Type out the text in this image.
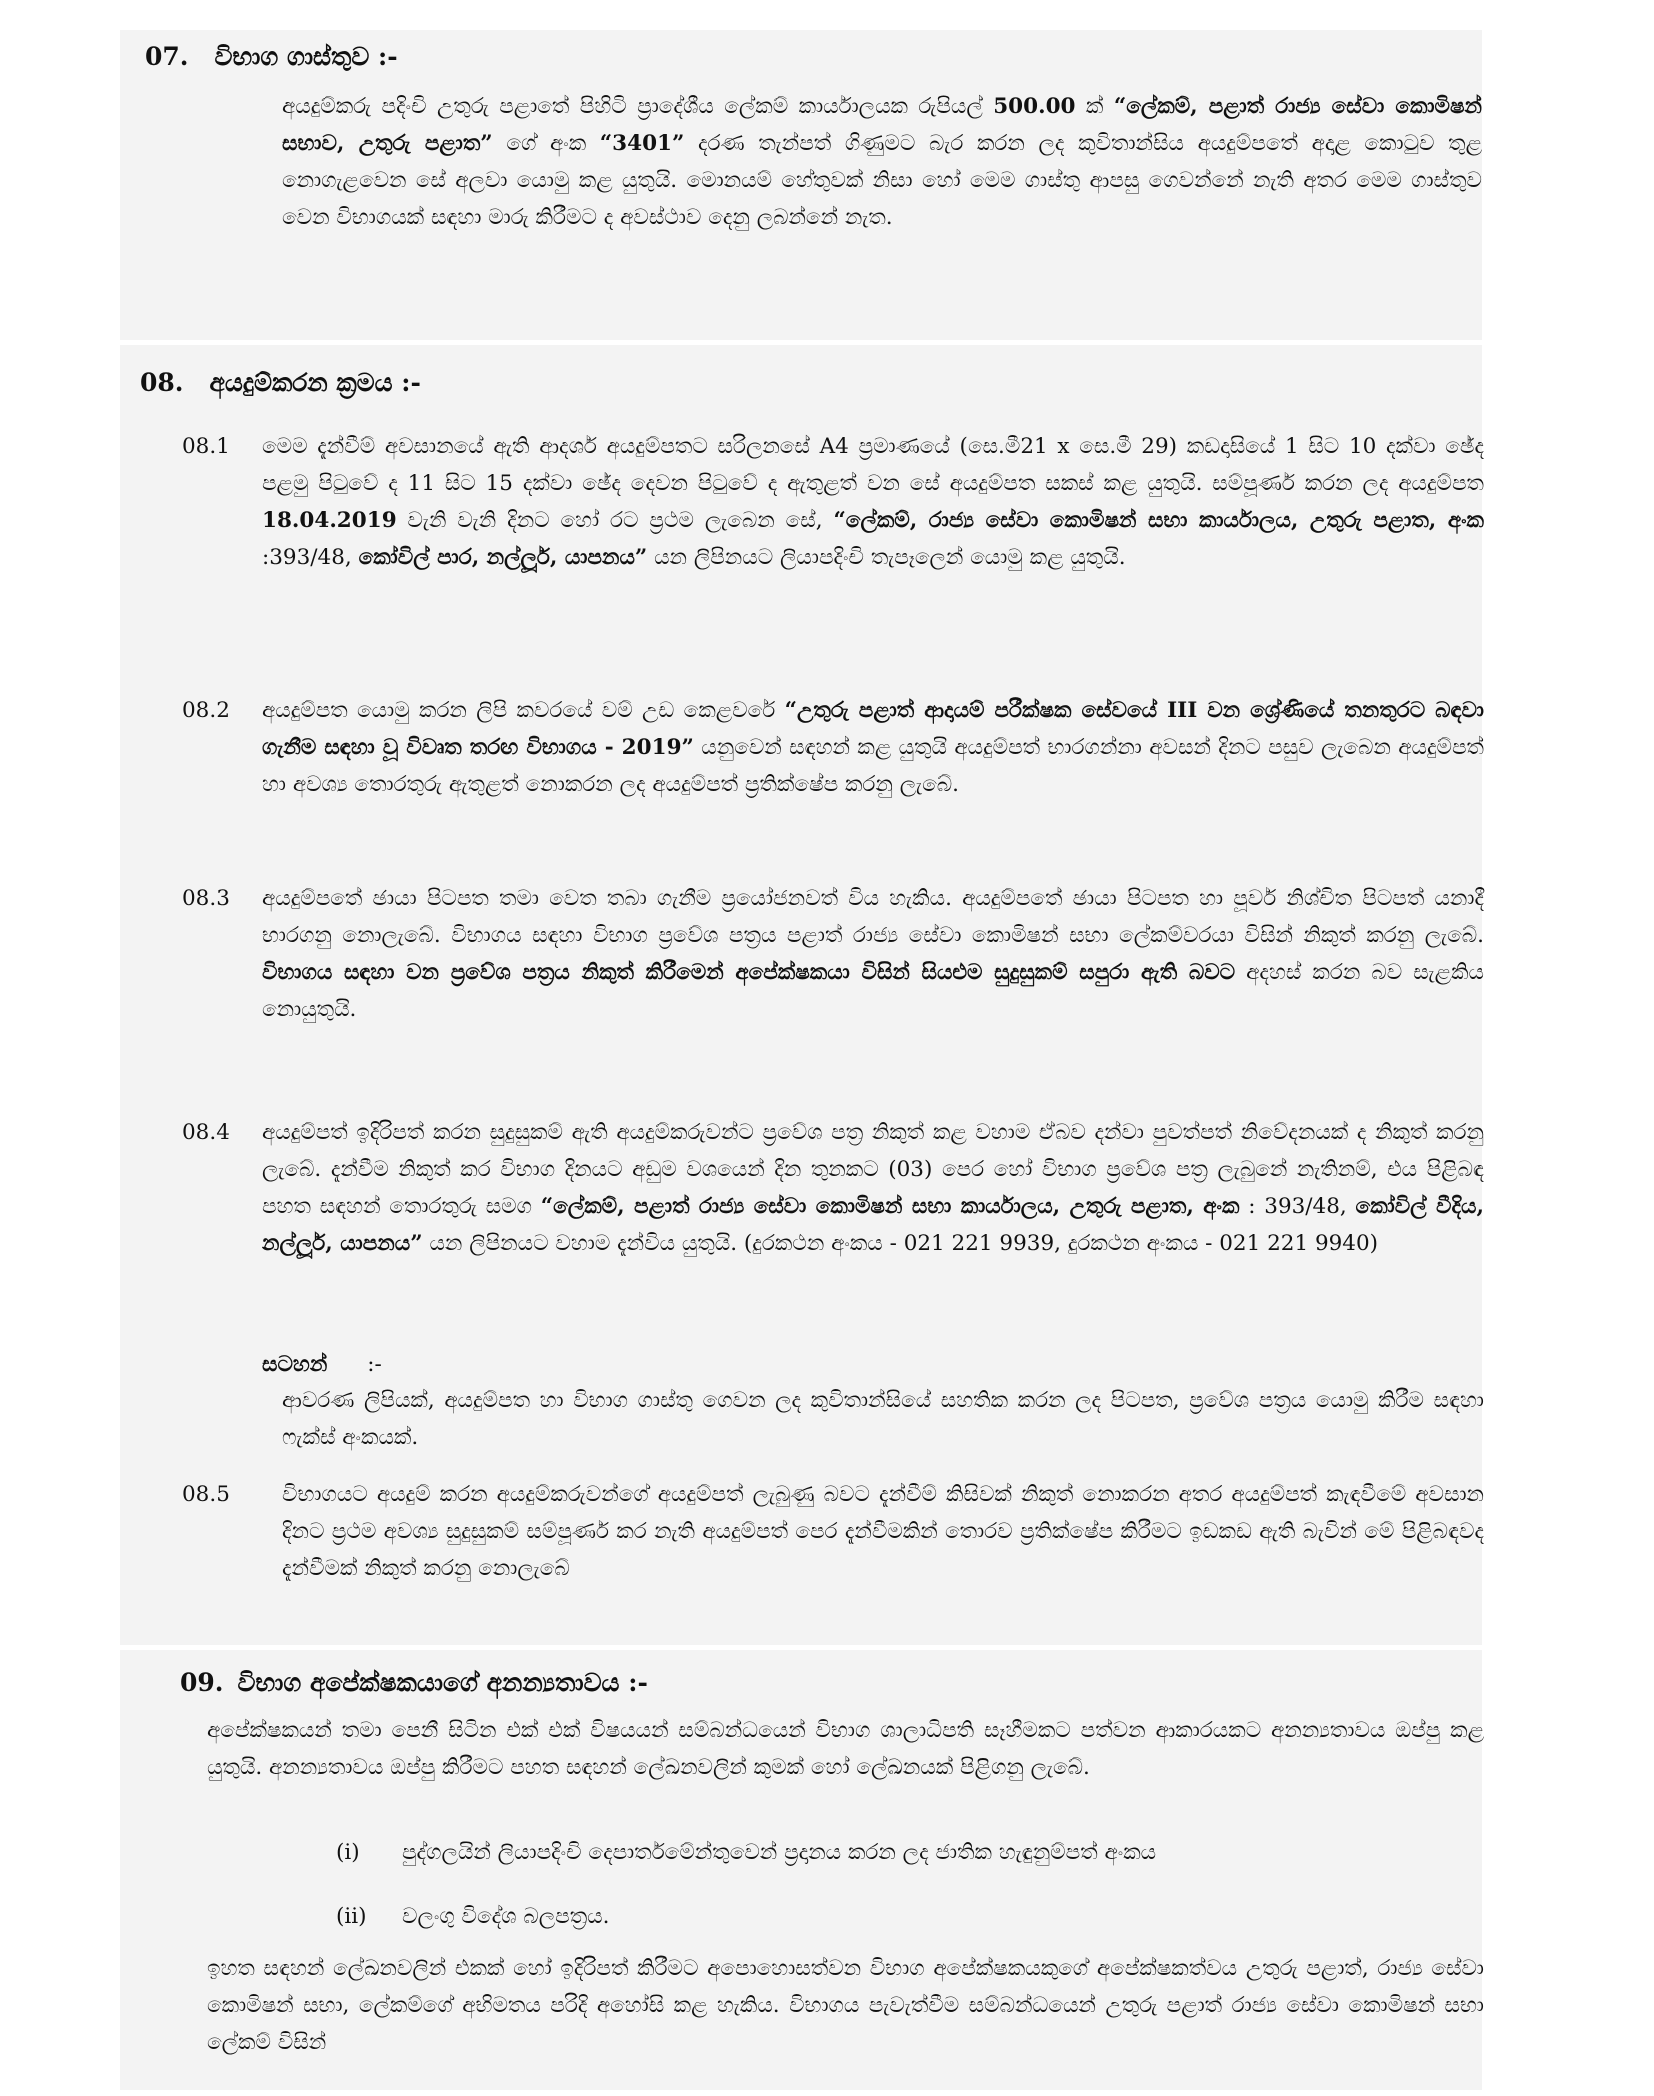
07. විභාග ගාස්තුව :-
අයදුම්කරු පදිංචි උතුරු පළාතේ පිහිටි ප්‍රාදේශීය ලේකම් කාර්යාලයක රුපියල් 500.00 ක් “ලේකම්, පළාත් රාජ්‍ය සේවා කොමිෂන් සභාව, උතුරු පළාත” ගේ අංක “3401” දරණ තැන්පත් ගිණුමට බැර කරන ලද කුවිතාන්සිය අයදුම්පතේ අදාළ කොටුව තුළ නොගැළවෙන සේ අලවා යොමු කළ යුතුයි. මොනයම් හේතුවක් නිසා හෝ මෙම ගාස්තු ආපසු ගෙවන්නේ නැති අතර මෙම ගාස්තුව වෙන විභාගයක් සඳහා මාරු කිරීමට ද අවස්ථාව දෙනු ලබන්නේ නැත.
08. අයදුම්කරන ක්‍රමය :-
08.1 මෙම දැන්වීම් අවසානයේ ඇති ආදර්ශ අයදුම්පතට සරිලනසේ A4 ප්‍රමාණයේ (සෙ.මී21 x සෙ.මී 29) කඩදාසියේ 1 සිට 10 දක්වා ඡේද පළමු පිටුවේ ද 11 සිට 15 දක්වා ඡේද දෙවන පිටුවේ ද ඇතුළත් වන සේ අයදුම්පත සකස් කළ යුතුයි. සම්පූර්ණ කරන ලද අයදුම්පත 18.04.2019 වැනි වැනි දිනට හෝ රට ප්‍රථම ලැබෙන සේ, “ලේකම්, රාජ්‍ය සේවා කොමිෂන් සභා කාර්යාලය, උතුරු පළාත, අංක :393/48, කෝවිල් පාර, නල්ලූර්, යාපනය” යන ලිපිනයට ලියාපදිංචි තැපෑලෙන් යොමු කළ යුතුයි.
08.2 අයදුම්පත යොමු කරන ලිපි කවරයේ වම් උඩ කෙළවරේ “උතුරු පළාත් ආදායම් පරීක්ෂක සේවයේ III වන ශ්‍රේණියේ තනතුරට බඳවා ගැනීම සඳහා වූ විවෘත තරඟ විභාගය - 2019” යනුවෙන් සඳහන් කළ යුතුයි අයදුම්පත් භාරගන්නා අවසන් දිනට පසුව ලැබෙන අයදුම්පත් හා අවශ්‍ය තොරතුරු ඇතුළත් නොකරන ලද අයදුම්පත් ප්‍රතික්ෂේප කරනු ලැබේ.
08.3 අයදුම්පතේ ඡායා පිටපත තමා වෙත තබා ගැනීම ප්‍රයෝජනවත් විය හැකිය. අයදුම්පතේ ඡායා පිටපත හා පූර්ව නිශ්චිත පිටපත් යනාදී භාරගනු නොලැබේ. විභාගය සඳහා විභාග ප්‍රවේශ පත්‍රය පළාත් රාජ්‍ය සේවා කොමිෂන් සභා ලේකම්වරයා විසින් නිකුත් කරනු ලැබේ. විභාගය සඳහා වන ප්‍රවේශ පත්‍රය නිකුත් කිරීමෙන් අපේක්ෂකයා විසින් සියළුම සුදුසුකම් සපුරා ඇති බවට අදහස් කරන බව සැළකිය නොයුතුයි.
08.4 අයදුම්පත් ඉදිරිපත් කරන සුදුසුකම් ඇති අයදුම්කරුවන්ට ප්‍රවේශ පත්‍ර නිකුත් කළ වහාම ඒබව දන්වා පුවත්පත් නිවේදනයක් ද නිකුත් කරනු ලැබේ. දැන්වීම නිකුත් කර විභාග දිනයට අඩුම වශයෙන් දින තුනකට (03) පෙර හෝ විභාග ප්‍රවේශ පත්‍ර ලැබුනේ නැතිනම්, එය පිළිබඳ පහත සඳහන් තොරතුරු සමග “ලේකම්, පළාත් රාජ්‍ය සේවා කොමිෂන් සභා කාර්යාලය, උතුරු පළාත, අංක : 393/48, කෝවිල් වීදිය, නල්ලූර්, යාපනය” යන ලිපිනයට වහාම දැන්විය යුතුයි. (දුරකථන අංකය - 021 221 9939, දුරකථන අංකය - 021 221 9940)
සටහන් :-
ආවරණ ලිපියක්, අයදුම්පත හා විභාග ගාස්තු ගෙවන ලද කුවිතාන්සියේ සහතික කරන ලද පිටපත, ප්‍රවේශ පත්‍රය යොමු කිරීම සඳහා ෆැක්ස් අංකයක්.
08.5 විභාගයට අයදුම් කරන අයදුම්කරුවන්ගේ අයදුම්පත් ලැබුණු බවට දැන්වීම් කිසිවක් නිකුත් නොකරන අතර අයදුම්පත් කැඳවීමේ අවසාන දිනට ප්‍රථම අවශ්‍ය සුදුසුකම් සම්පූර්ණ කර නැති අයදුම්පත් පෙර දැන්වීමකින් තොරව ප්‍රතික්ෂේප කිරීමට ඉඩකඩ ඇති බැවින් මේ පිළිබඳවද දැන්වීමක් නිකුත් කරනු නොලැබේ
09. විභාග අපේක්ෂකයාගේ අනන්‍යතාවය :-
අපේක්ෂකයන් තමා පෙනී සිටින එක් එක් විෂයයන් සම්බන්ධයෙන් විභාග ශාලාධිපති සෑහීමකට පත්වන ආකාරයකට අනන්‍යතාවය ඔප්පු කළ යුතුයි. අනන්‍යතාවය ඔප්පු කිරීමට පහත සඳහන් ලේඛනවලින් කුමක් හෝ ලේඛනයක් පිළිගනු ලැබේ.
(i) පුද්ගලයින් ලියාපදිංචි දෙපාර්තමේන්තුවෙන් ප්‍රදානය කරන ලද ජාතික හැඳුනුම්පත් අංකය
(ii) වලංගු විදේශ බලපත්‍රය.
ඉහත සඳහන් ලේඛනවලින් එකක් හෝ ඉදිරිපත් කිරීමට අපොහොසත්වන විභාග අපේක්ෂකයකුගේ අපේක්ෂකත්වය උතුරු පළාත්, රාජ්‍ය සේවා කොමිෂන් සභා, ලේකම්ගේ අභිමතය පරිදි අහෝසි කළ හැකිය. විභාගය පැවැත්වීම සම්බන්ධයෙන් උතුරු පළාත් රාජ්‍ය සේවා කොමිෂන් සභා ලේකම් විසින්
